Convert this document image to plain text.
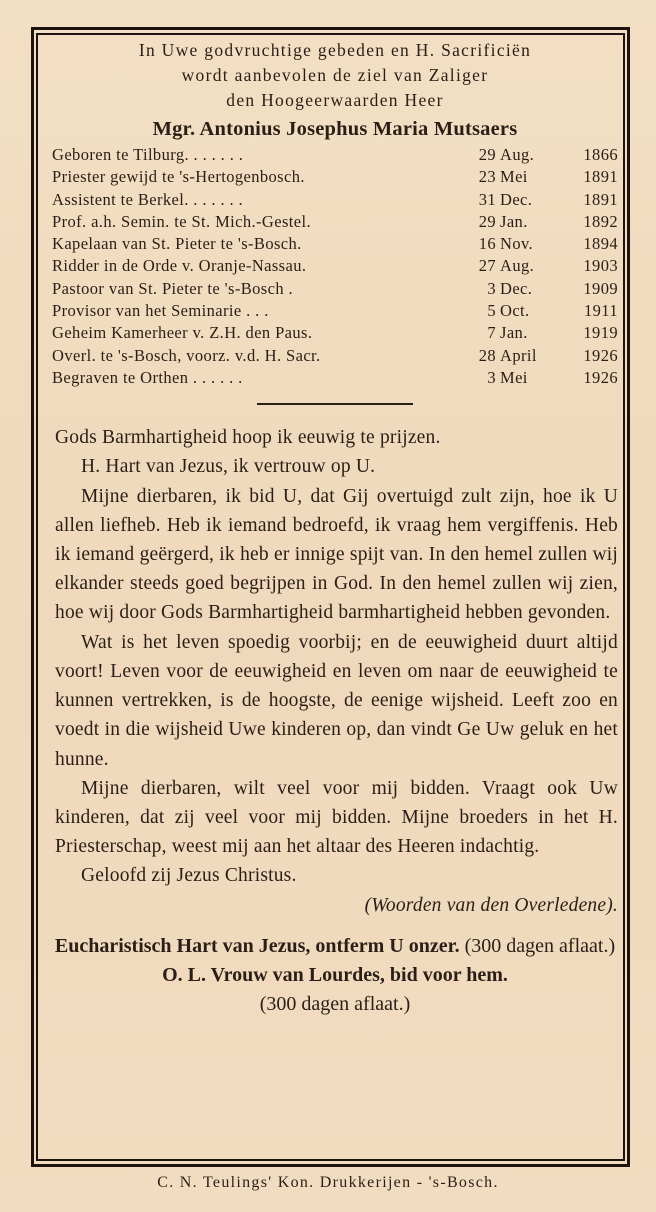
In Uwe godvruchtige gebeden en H. Sacrificiën
wordt aanbevolen de ziel van Zaliger
den Hoogeerwaarden Heer
Mgr. Antonius Josephus Maria Mutsaers
Geboren te Tilburg. . . . . . .	29	Aug.	1866
Priester gewijd te 's-Hertogenbosch.	23	Mei	1891
Assistent te Berkel. . . . . . .	31	Dec.	1891
Prof. a.h. Semin. te St. Mich.-Gestel.	29	Jan.	1892
Kapelaan van St. Pieter te 's-Bosch.	16	Nov.	1894
Ridder in de Orde v. Oranje-Nassau.	27	Aug.	1903
Pastoor van St. Pieter te 's-Bosch .	3	Dec.	1909
Provisor van het Seminarie . . .	5	Oct.	1911
Geheim Kamerheer v. Z.H. den Paus.	7	Jan.	1919
Overl. te 's-Bosch, voorz. v.d. H. Sacr.	28	April	1926
Begraven te Orthen . . . . . .	3	Mei	1926

Gods Barmhartigheid hoop ik eeuwig te prijzen.

H. Hart van Jezus, ik vertrouw op U.

Mijne dierbaren, ik bid U, dat Gij overtuigd zult zijn, hoe ik U allen liefheb. Heb ik iemand bedroefd, ik vraag hem vergiffenis. Heb ik iemand geërgerd, ik heb er innige spijt van. In den hemel zullen wij elkander steeds goed begrijpen in God. In den hemel zullen wij zien, hoe wij door Gods Barmhartigheid barmhartigheid hebben gevonden.

Wat is het leven spoedig voorbij; en de eeuwigheid duurt altijd voort! Leven voor de eeuwigheid en leven om naar de eeuwigheid te kunnen vertrekken, is de hoogste, de eenige wijsheid. Leeft zoo en voedt in die wijsheid Uwe kinderen op, dan vindt Ge Uw geluk en het hunne.

Mijne dierbaren, wilt veel voor mij bidden. Vraagt ook Uw kinderen, dat zij veel voor mij bidden. Mijne broeders in het H. Priesterschap, weest mij aan het altaar des Heeren indachtig.

Geloofd zij Jezus Christus.

(Woorden van den Overledene).

Eucharistisch Hart van Jezus, ontferm U onzer. (300 dagen aflaat.)
O. L. Vrouw van Lourdes, bid voor hem.
(300 dagen aflaat.)
C. N. Teulings' Kon. Drukkerijen - 's-Bosch.
